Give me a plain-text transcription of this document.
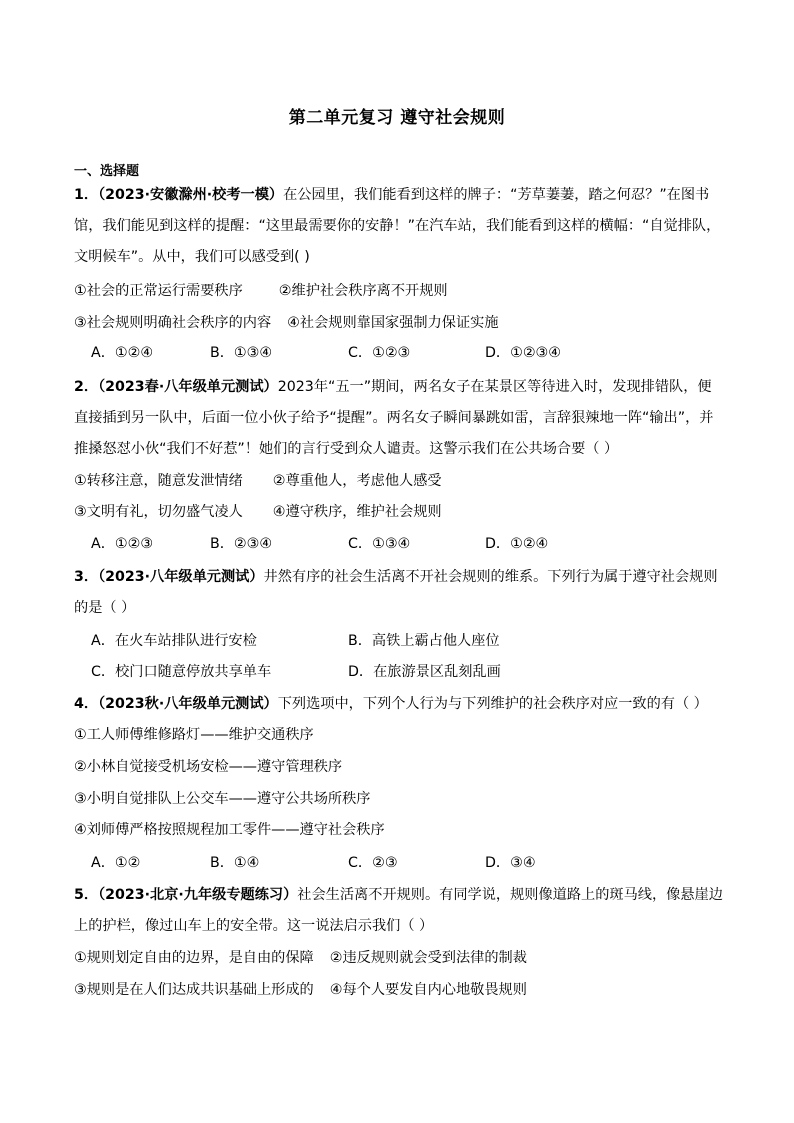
第二单元复习 遵守社会规则
一、选择题
1．（2023·安徽滁州·校考一模）在公园里，我们能看到这样的牌子：“芳草萋萋，踏之何忍？”在图书馆，我们能见到这样的提醒：“这里最需要你的安静！”在汽车站，我们能看到这样的横幅：“自觉排队，文明候车”。从中，我们可以感受到( )
①社会的正常运行需要秩序	②维护社会秩序离不开规则
③社会规则明确社会秩序的内容 ④社会规则靠国家强制力保证实施
A．①②④	B．①③④	C．①②③	D．①②③④
2．（2023春·八年级单元测试）2023年“五一”期间，两名女子在某景区等待进入时，发现排错队，便直接插到另一队中，后面一位小伙子给予“提醒”。两名女子瞬间暴跳如雷，言辞狠辣地一阵“输出”，并推搡怒怼小伙“我们不好惹”！她们的言行受到众人谴责。这警示我们在公共场合要（ ）
①转移注意，随意发泄情绪 ②尊重他人，考虑他人感受
③文明有礼，切勿盛气凌人 ④遵守秩序，维护社会规则
A．①②③	B．②③④	C．①③④	D．①②④
3．（2023·八年级单元测试）井然有序的社会生活离不开社会规则的维系。下列行为属于遵守社会规则的是（ ）
A．在火车站排队进行安检	B．高铁上霸占他人座位
C．校门口随意停放共享单车	D．在旅游景区乱刻乱画
4．（2023秋·八年级单元测试）下列选项中，下列个人行为与下列维护的社会秩序对应一致的有（ ）
①工人师傅维修路灯——维护交通秩序
②小林自觉接受机场安检——遵守管理秩序
③小明自觉排队上公交车——遵守公共场所秩序
④刘师傅严格按照规程加工零件——遵守社会秩序
A．①②	B．①④	C．②③	D．③④
5．（2023·北京·九年级专题练习）社会生活离不开规则。有同学说，规则像道路上的斑马线，像悬崖边上的护栏，像过山车上的安全带。这一说法启示我们（ ）
①规则划定自由的边界，是自由的保障 ②违反规则就会受到法律的制裁
③规则是在人们达成共识基础上形成的 ④每个人要发自内心地敬畏规则
